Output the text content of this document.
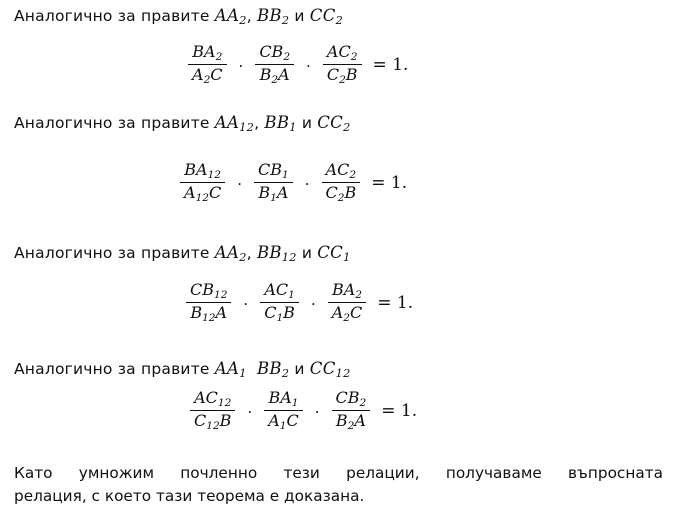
Аналогично за правите $AA_2$, $BB_2$ и $CC_2$

$\frac{BA_2}{A_2C} \cdot \frac{CB_2}{B_2A} \cdot \frac{AC_2}{C_2B} = 1$.

Аналогично за правите $AA_{12}$, $BB_1$ и $CC_2$

$\frac{BA_{12}}{A_{12}C} \cdot \frac{CB_1}{B_1A} \cdot \frac{AC_2}{C_2B} = 1$.

Аналогично за правите $AA_2$, $BB_{12}$ и $CC_1$

$\frac{CB_{12}}{B_{12}A} \cdot \frac{AC_1}{C_1B} \cdot \frac{BA_2}{A_2C} = 1$.

Аналогично за правите $AA_1$ $BB_2$ и $CC_{12}$

$\frac{AC_{12}}{C_{12}B} \cdot \frac{BA_1}{A_1C} \cdot \frac{CB_2}{B_2A} = 1$.
Като умножим почленно тези релации, получаваме въпросната
релация, с което тази теорема е доказана.
